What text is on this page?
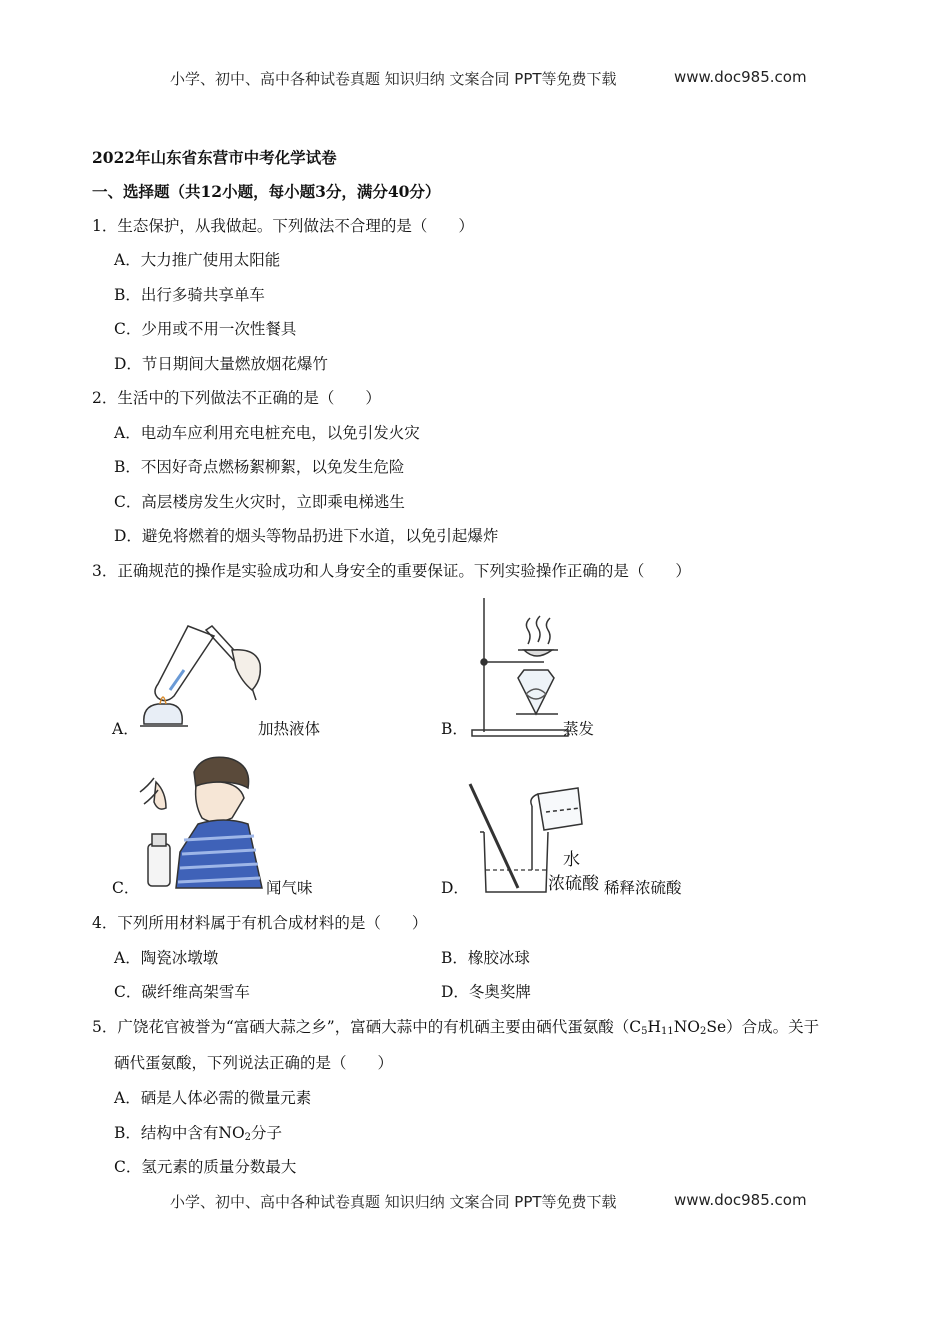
小学、初中、高中各种试卷真题 知识归纳 文案合同 PPT等免费下载	www.doc985.com
2022年山东省东营市中考化学试卷
一、选择题（共12小题，每小题3分，满分40分）
1．生态保护，从我做起。下列做法不合理的是（　　）
A．大力推广使用太阳能
B．出行多骑共享单车
C．少用或不用一次性餐具
D．节日期间大量燃放烟花爆竹
2．生活中的下列做法不正确的是（　　）
A．电动车应利用充电桩充电，以免引发火灾
B．不因好奇点燃杨絮柳絮，以免发生危险
C．高层楼房发生火灾时，立即乘电梯逃生
D．避免将燃着的烟头等物品扔进下水道，以免引起爆炸
3．正确规范的操作是实验成功和人身安全的重要保证。下列实验操作正确的是（　　）
A．	加热液体	B．	蒸发
C．	闻气味
水
浓硫酸
D．	稀释浓硫酸
4．下列所用材料属于有机合成材料的是（　　）
A．陶瓷冰墩墩	B．橡胶冰球
C．碳纤维高架雪车	D．冬奥奖牌
5．广饶花官被誉为“富硒大蒜之乡”，富硒大蒜中的有机硒主要由硒代蛋氨酸$(C_5H_{11}NO_2Se)$合成。关于
硒代蛋氨酸，下列说法正确的是（　　）
A．硒是人体必需的微量元素
B．结构中含有$NO_2$分子
C．氢元素的质量分数最大
小学、初中、高中各种试卷真题 知识归纳 文案合同 PPT等免费下载	www.doc985.com
